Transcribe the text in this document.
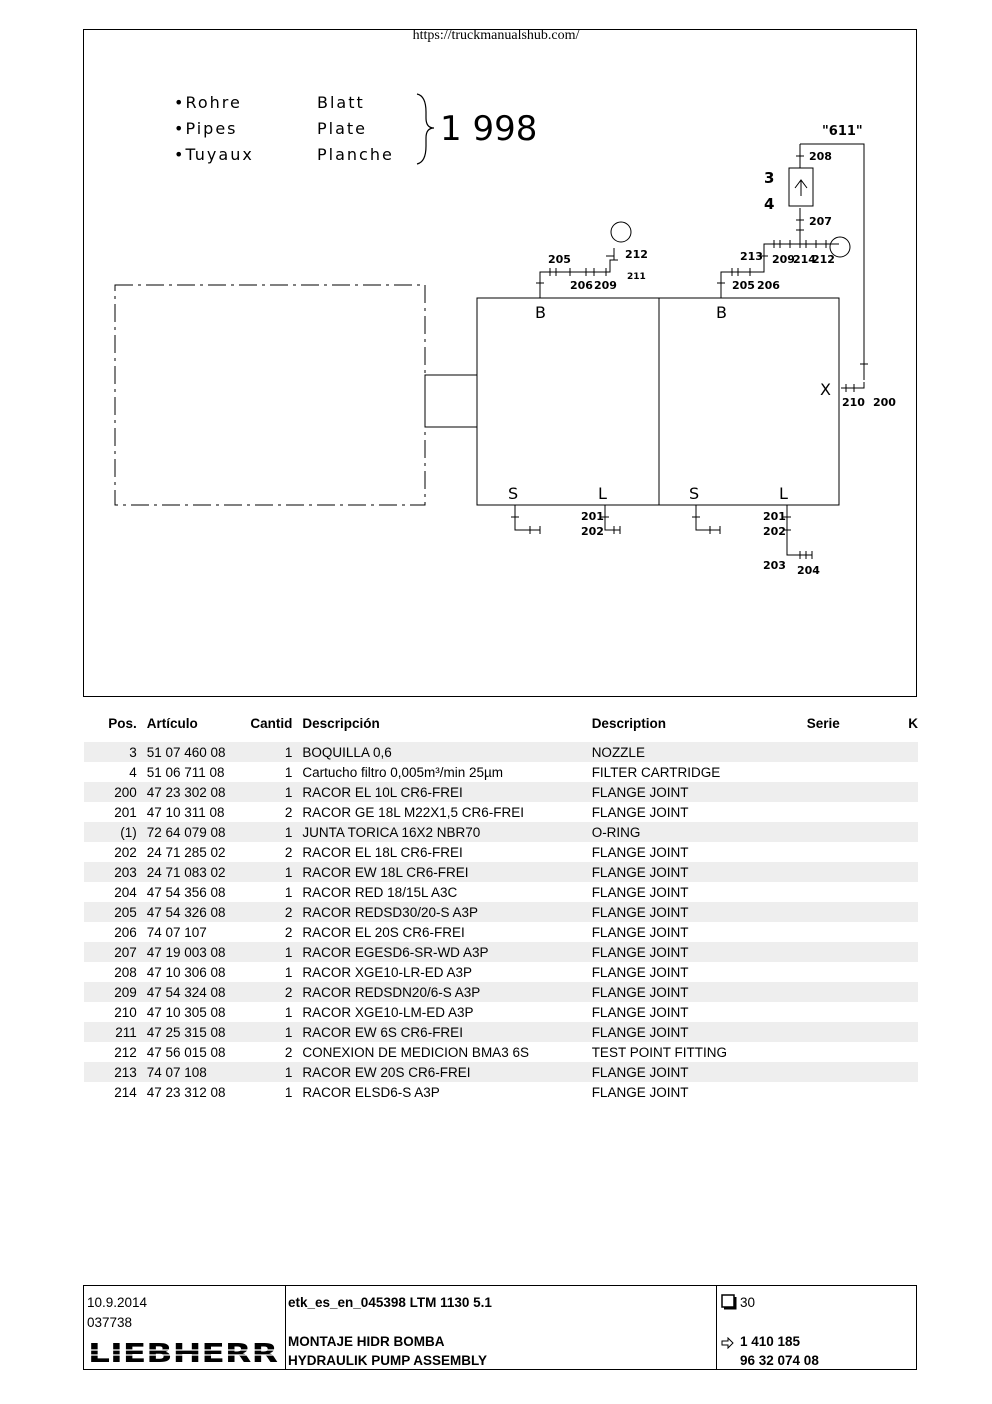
https://truckmanualshub.com/
•Rohre	Blatt
•Pipes	Plate
•Tuyaux	Planche
1 998
B	B
S	L	S	L
X
"611"
3
4
208
207
213 209
214
212
205 206
205	212
211
206 209
210 200
201
202
201
202
203 204
Pos.	Artículo	Cantid	Descripción	Description	Serie	K

3	51 07 460 08	1	BOQUILLA 0,6	NOZZLE		
4	51 06 711 08	1	Cartucho filtro 0,005m³/min 25µm	FILTER CARTRIDGE		
200	47 23 302 08	1	RACOR EL 10L CR6-FREI	FLANGE JOINT		
201	47 10 311 08	2	RACOR GE 18L M22X1,5 CR6-FREI	FLANGE JOINT		
(1)	72 64 079 08	1	JUNTA TORICA 16X2 NBR70	O-RING		
202	24 71 285 02	2	RACOR EL 18L CR6-FREI	FLANGE JOINT		
203	24 71 083 02	1	RACOR EW 18L CR6-FREI	FLANGE JOINT		
204	47 54 356 08	1	RACOR RED 18/15L A3C	FLANGE JOINT		
205	47 54 326 08	2	RACOR REDSD30/20-S A3P	FLANGE JOINT		
206	74 07 107	2	RACOR EL 20S CR6-FREI	FLANGE JOINT		
207	47 19 003 08	1	RACOR EGESD6-SR-WD A3P	FLANGE JOINT		
208	47 10 306 08	1	RACOR XGE10-LR-ED A3P	FLANGE JOINT		
209	47 54 324 08	2	RACOR REDSDN20/6-S A3P	FLANGE JOINT		
210	47 10 305 08	1	RACOR XGE10-LM-ED A3P	FLANGE JOINT		
211	47 25 315 08	1	RACOR EW 6S CR6-FREI	FLANGE JOINT		
212	47 56 015 08	2	CONEXION DE MEDICION BMA3 6S	TEST POINT FITTING		
213	74 07 108	1	RACOR EW 20S CR6-FREI	FLANGE JOINT		
214	47 23 312 08	1	RACOR ELSD6-S A3P	FLANGE JOINT		
10.9.2014
037738
LIEBHERR
etk_es_en_045398 LTM 1130 5.1
MONTAJE HIDR BOMBA
HYDRAULIK PUMP ASSEMBLY
30
1 410 185
96 32 074 08
